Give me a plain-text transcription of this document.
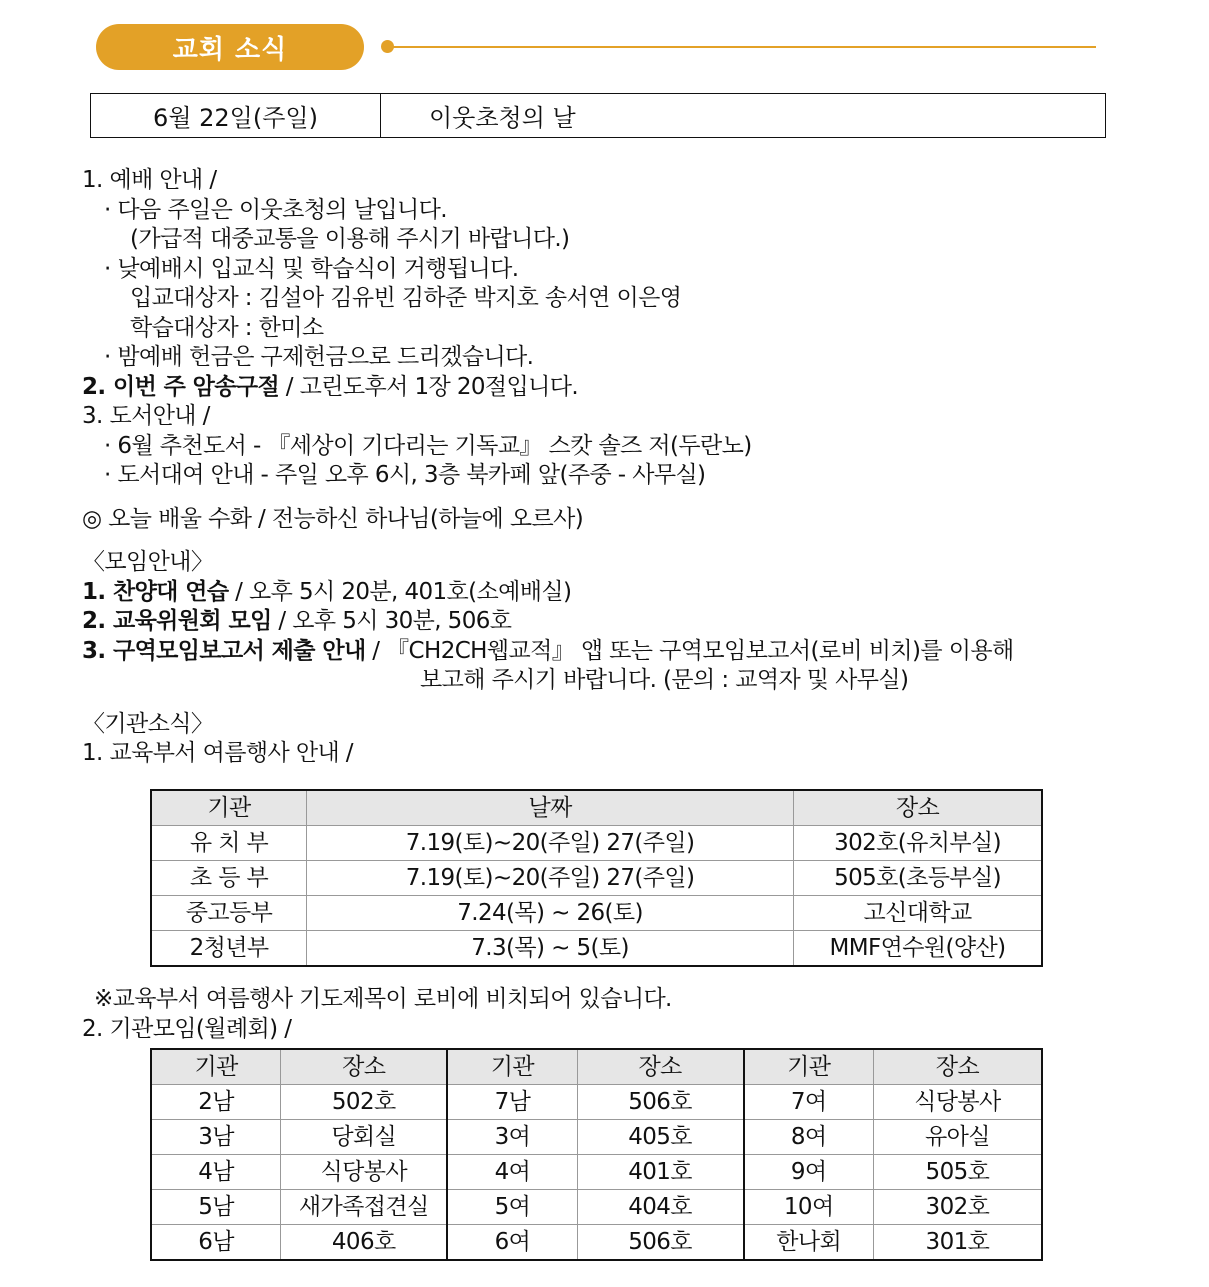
교회 소식
6월 22일(주일)	이웃초청의 날
1. 예배 안내 /
· 다음 주일은 이웃초청의 날입니다.
(가급적 대중교통을 이용해 주시기 바랍니다.)
· 낮예배시 입교식 및 학습식이 거행됩니다.
입교대상자 : 김설아 김유빈 김하준 박지호 송서연 이은영
학습대상자 : 한미소
· 밤예배 헌금은 구제헌금으로 드리겠습니다.
2. 이번 주 암송구절 / 고린도후서 1장 20절입니다.
3. 도서안내 /
· 6월 추천도서 - 『세상이 기다리는 기독교』 스캇 솔즈 저(두란노)
· 도서대여 안내 - 주일 오후 6시, 3층 북카페 앞(주중 - 사무실)
◎ 오늘 배울 수화 / 전능하신 하나님(하늘에 오르사)
〈모임안내〉
1. 찬양대 연습 / 오후 5시 20분, 401호(소예배실)
2. 교육위원회 모임 / 오후 5시 30분, 506호
3. 구역모임보고서 제출 안내 / 『CH2CH웹교적』 앱 또는 구역모임보고서(로비 비치)를 이용해
보고해 주시기 바랍니다. (문의 : 교역자 및 사무실)
〈기관소식〉
1. 교육부서 여름행사 안내 /
기관	날짜	장소
유 치 부	7.19(토)~20(주일) 27(주일)	302호(유치부실)
초 등 부	7.19(토)~20(주일) 27(주일)	505호(초등부실)
중고등부	7.24(목) ~ 26(토)	고신대학교
2청년부	7.3(목) ~ 5(토)	MMF연수원(양산)
※교육부서 여름행사 기도제목이 로비에 비치되어 있습니다.
2. 기관모임(월례회) /
기관	장소	기관	장소	기관	장소
2남	502호	7남	506호	7여	식당봉사
3남	당회실	3여	405호	8여	유아실
4남	식당봉사	4여	401호	9여	505호
5남	새가족접견실	5여	404호	10여	302호
6남	406호	6여	506호	한나회	301호
